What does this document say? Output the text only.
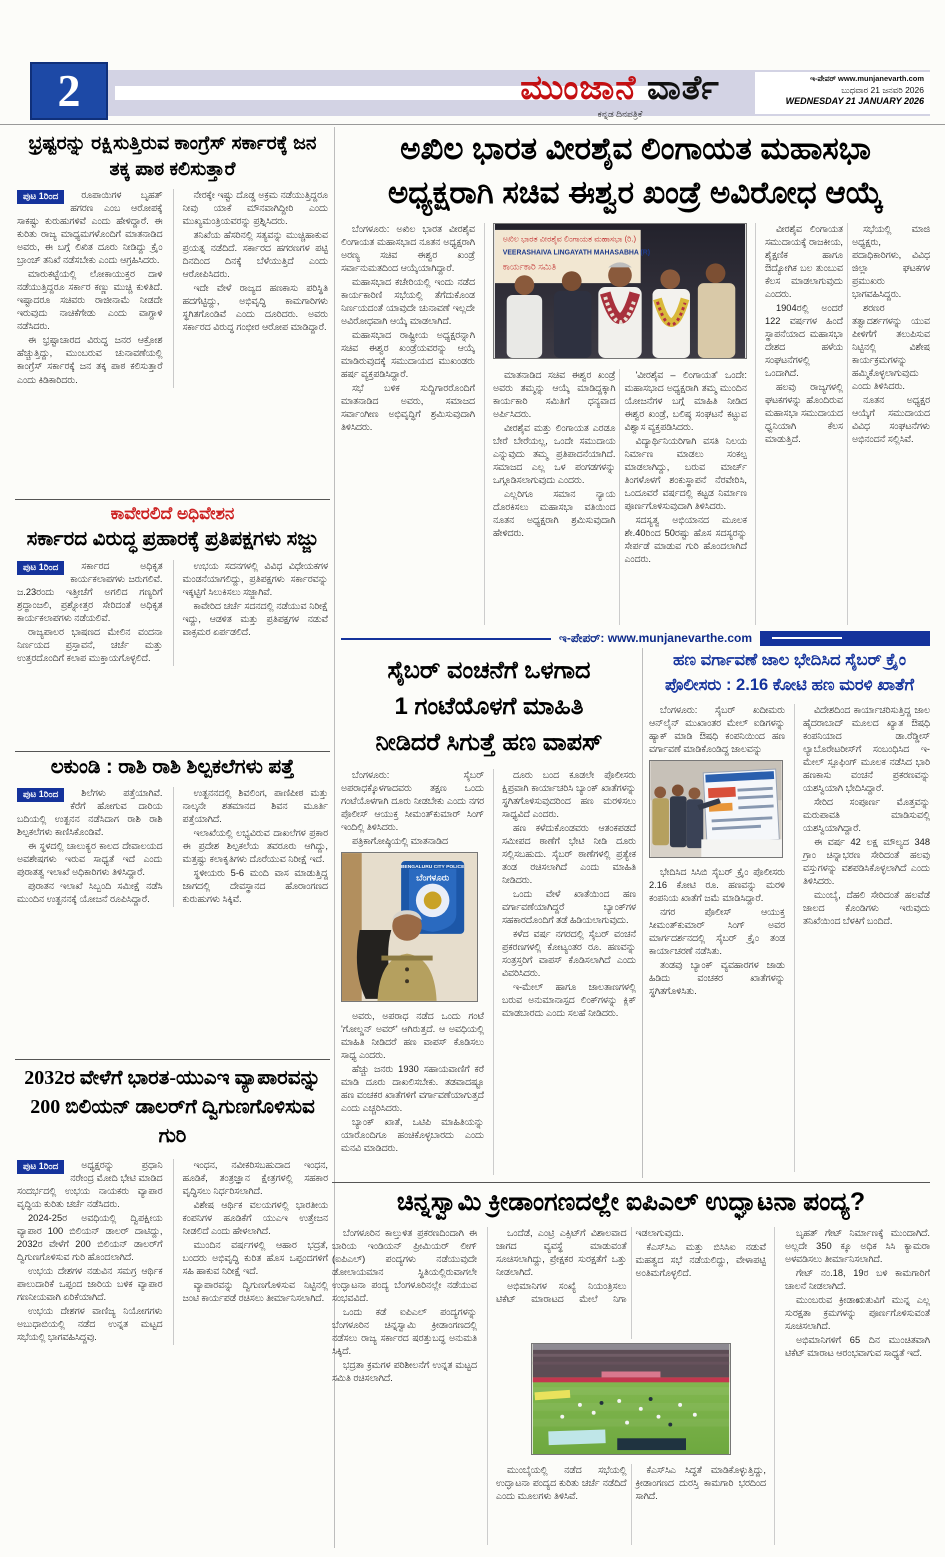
2	ಮುಂಜಾನೆ ವಾರ್ತೆ
ಕನ್ನಡ ದಿನಪತ್ರಿಕೆ
ಇ-ಪೇಪರ್ www.munjanevarth.com
ಬುಧವಾರ 21 ಜನವರಿ 2026
WEDNESDAY 21 JANUARY 2026
ಭ್ರಷ್ಟರನ್ನು ರಕ್ಷಿಸುತ್ತಿರುವ ಕಾಂಗ್ರೆಸ್ ಸರ್ಕಾರಕ್ಕೆ ಜನ ತಕ್ಕ ಪಾಠ ಕಲಿಸುತ್ತಾರೆ
ಪುಟ 1ರಿಂದ	ರೂಪಾಯಿಗಳ ಬೃಹತ್ ಹಗರಣ ಎಂಬ ಆರೋಪಕ್ಕೆ ಸಾಕಷ್ಟು ಕುರುಹುಗಳಿವೆ ಎಂದು ಹೇಳಿದ್ದಾರೆ. ಈ ಕುರಿತು ರಾಜ್ಯ ಮಾಧ್ಯಮಗಳೊಂದಿಗೆ ಮಾತನಾಡಿದ ಅವರು, ಈ ಬಗ್ಗೆ ಲಿಖಿತ ದೂರು ನೀಡಿದ್ದು ಕ್ರೈಂ ಬ್ರಾಂಚ್ ತನಿಖೆ ನಡೆಸಬೇಕು ಎಂದು ಆಗ್ರಹಿಸಿದರು.

ಮಾರುಕಟ್ಟೆಯಲ್ಲಿ ಲೋಕಾಯುಕ್ತರ ದಾಳಿ ನಡೆಯುತ್ತಿದ್ದರೂ ಸರ್ಕಾರ ಕಣ್ಣು ಮುಚ್ಚಿ ಕುಳಿತಿದೆ. ಇಷ್ಟಾದರೂ ಸಚಿವರು ರಾಜೀನಾಮೆ ನೀಡದೇ ಇರುವುದು ನಾಚಿಕೆಗೇಡು ಎಂದು ವಾಗ್ದಾಳಿ ನಡೆಸಿದರು.

ಈ ಭ್ರಷ್ಟಾಚಾರದ ವಿರುದ್ಧ ಜನರ ಆಕ್ರೋಶ ಹೆಚ್ಚುತ್ತಿದ್ದು, ಮುಂಬರುವ ಚುನಾವಣೆಯಲ್ಲಿ ಕಾಂಗ್ರೆಸ್ ಸರ್ಕಾರಕ್ಕೆ ಜನ ತಕ್ಕ ಪಾಠ ಕಲಿಸುತ್ತಾರೆ ಎಂದು ಕಿಡಿಕಾರಿದರು.

ನೇರಕ್ಕೇ ಇಷ್ಟು ದೊಡ್ಡ ಅಕ್ರಮ ನಡೆಯುತ್ತಿದ್ದರೂ ನೀವು ಯಾಕೆ ಮೌನವಾಗಿದ್ದೀರಿ ಎಂದು ಮುಖ್ಯಮಂತ್ರಿಯವರನ್ನು ಪ್ರಶ್ನಿಸಿದರು.

ತನಿಖೆಯ ಹೆಸರಿನಲ್ಲಿ ಸತ್ಯವನ್ನು ಮುಚ್ಚಿಹಾಕುವ ಪ್ರಯತ್ನ ನಡೆದಿದೆ. ಸರ್ಕಾರದ ಹಗರಣಗಳ ಪಟ್ಟಿ ದಿನದಿಂದ ದಿನಕ್ಕೆ ಬೆಳೆಯುತ್ತಿದೆ ಎಂದು ಆರೋಪಿಸಿದರು.

ಇದೇ ವೇಳೆ ರಾಜ್ಯದ ಹಣಕಾಸು ಪರಿಸ್ಥಿತಿ ಹದಗೆಟ್ಟಿದ್ದು, ಅಭಿವೃದ್ಧಿ ಕಾಮಗಾರಿಗಳು ಸ್ಥಗಿತಗೊಂಡಿವೆ ಎಂದು ದೂರಿದರು. ಅವರು ಸರ್ಕಾರದ ವಿರುದ್ಧ ಗಂಭೀರ ಆರೋಪ ಮಾಡಿದ್ದಾರೆ.

ಕಾವೇರಲಿದೆ ಅಧಿವೇಶನ
ಸರ್ಕಾರದ ವಿರುದ್ಧ ಪ್ರಹಾರಕ್ಕೆ ಪ್ರತಿಪಕ್ಷಗಳು ಸಜ್ಜು
ಪುಟ 1ರಿಂದ	ಸರ್ಕಾರದ ಅಧಿಕೃತ ಕಾರ್ಯಕಲಾಪಗಳು ಜರುಗಲಿವೆ. ಜ.23ರಂದು ಇತ್ತೀಚೆಗೆ ಅಗಲಿದ ಗಣ್ಯರಿಗೆ ಶ್ರದ್ಧಾಂಜಲಿ, ಪ್ರಶ್ನೋತ್ತರ ಸೇರಿದಂತೆ ಅಧಿಕೃತ ಕಾರ್ಯಕಲಾಪಗಳು ನಡೆಯಲಿವೆ.

ರಾಜ್ಯಪಾಲರ ಭಾಷಣದ ಮೇಲಿನ ವಂದನಾ ನಿರ್ಣಯದ ಪ್ರಸ್ತಾವನೆ, ಚರ್ಚೆ ಮತ್ತು ಉತ್ತರದೊಂದಿಗೆ ಕಲಾಪ ಮುಕ್ತಾಯಗೊಳ್ಳಲಿದೆ.

ಉಭಯ ಸದನಗಳಲ್ಲಿ ವಿವಿಧ ವಿಧೇಯಕಗಳ ಮಂಡನೆಯಾಗಲಿದ್ದು, ಪ್ರತಿಪಕ್ಷಗಳು ಸರ್ಕಾರವನ್ನು ಇಕ್ಕಟ್ಟಿಗೆ ಸಿಲುಕಿಸಲು ಸಜ್ಜಾಗಿವೆ.

ಕಾವೇರಿದ ಚರ್ಚೆ ಸದನದಲ್ಲಿ ನಡೆಯುವ ನಿರೀಕ್ಷೆ ಇದ್ದು, ಆಡಳಿತ ಮತ್ತು ಪ್ರತಿಪಕ್ಷಗಳ ನಡುವೆ ವಾಕ್ಸಮರ ಏರ್ಪಡಲಿದೆ.

ಲಕುಂಡಿ : ರಾಶಿ ರಾಶಿ ಶಿಲ್ಪಕಲೆಗಳು ಪತ್ತೆ
ಪುಟ 1ರಿಂದ	ಶಿಲೆಗಳು ಪತ್ತೆಯಾಗಿವೆ. ಕೆರೆಗೆ ಹೋಗುವ ದಾರಿಯ ಬದಿಯಲ್ಲಿ ಉತ್ಖನನ ನಡೆಸಿದಾಗ ರಾಶಿ ರಾಶಿ ಶಿಲ್ಪಕಲೆಗಳು ಕಾಣಿಸಿಕೊಂಡಿವೆ.

ಈ ಸ್ಥಳದಲ್ಲಿ ಚಾಲುಕ್ಯರ ಕಾಲದ ದೇವಾಲಯದ ಅವಶೇಷಗಳು ಇರುವ ಸಾಧ್ಯತೆ ಇದೆ ಎಂದು ಪುರಾತತ್ವ ಇಲಾಖೆ ಅಧಿಕಾರಿಗಳು ತಿಳಿಸಿದ್ದಾರೆ.

ಪುರಾತನ ಇಲಾಖೆ ಸಿಬ್ಬಂದಿ ಸಮೀಕ್ಷೆ ನಡೆಸಿ ಮುಂದಿನ ಉತ್ಖನನಕ್ಕೆ ಯೋಜನೆ ರೂಪಿಸಿದ್ದಾರೆ.

ಉತ್ಖನನದಲ್ಲಿ ಶಿವಲಿಂಗ, ಪಾಣಿಪೀಠ ಮತ್ತು ನಾಲ್ಕನೇ ಶತಮಾನದ ಶಿವನ ಮೂರ್ತಿ ಪತ್ತೆಯಾಗಿದೆ.

ಇಲಾಖೆಯಲ್ಲಿ ಲಭ್ಯವಿರುವ ದಾಖಲೆಗಳ ಪ್ರಕಾರ ಈ ಪ್ರದೇಶ ಶಿಲ್ಪಕಲೆಯ ತವರೂರು ಆಗಿದ್ದು, ಮತ್ತಷ್ಟು ಕಲಾಕೃತಿಗಳು ದೊರೆಯುವ ನಿರೀಕ್ಷೆ ಇದೆ.

ಸ್ಥಳೀಯರು 5-6 ಮಂದಿ ವಾಸ ಮಾಡುತ್ತಿದ್ದ ಜಾಗದಲ್ಲಿ ದೇವಸ್ಥಾನದ ಹೊರಾಂಗಣದ ಕುರುಹುಗಳು ಸಿಕ್ಕಿವೆ.

2032ರ ವೇಳೆಗೆ ಭಾರತ-ಯುಎಇ ವ್ಯಾಪಾರವನ್ನು 200 ಬಿಲಿಯನ್ ಡಾಲರ್‌ಗೆ ದ್ವಿಗುಣಗೊಳಿಸುವ ಗುರಿ
ಪುಟ 1ರಿಂದ	ಅಧ್ಯಕ್ಷರನ್ನು ಪ್ರಧಾನಿ ನರೇಂದ್ರ ಮೋದಿ ಭೇಟಿ ಮಾಡಿದ ಸಂದರ್ಭದಲ್ಲಿ ಉಭಯ ನಾಯಕರು ವ್ಯಾಪಾರ ವೃದ್ಧಿಯ ಕುರಿತು ಚರ್ಚೆ ನಡೆಸಿದರು.

2024-25ರ ಅವಧಿಯಲ್ಲಿ ದ್ವಿಪಕ್ಷೀಯ ವ್ಯಾಪಾರ 100 ಬಿಲಿಯನ್ ಡಾಲರ್ ದಾಟಿದ್ದು, 2032ರ ವೇಳೆಗೆ 200 ಬಿಲಿಯನ್ ಡಾಲರ್‌ಗೆ ದ್ವಿಗುಣಗೊಳಿಸುವ ಗುರಿ ಹೊಂದಲಾಗಿದೆ.

ಉಭಯ ದೇಶಗಳ ನಡುವಿನ ಸಮಗ್ರ ಆರ್ಥಿಕ ಪಾಲುದಾರಿಕೆ ಒಪ್ಪಂದ ಜಾರಿಯ ಬಳಿಕ ವ್ಯಾಪಾರ ಗಣನೀಯವಾಗಿ ಏರಿಕೆಯಾಗಿದೆ.

ಉಭಯ ದೇಶಗಳ ವಾಣಿಜ್ಯ ನಿಯೋಗಗಳು ಅಬುಧಾಬಿಯಲ್ಲಿ ನಡೆದ ಉನ್ನತ ಮಟ್ಟದ ಸಭೆಯಲ್ಲಿ ಭಾಗವಹಿಸಿದ್ದವು.

ಇಂಧನ, ನವೀಕರಿಸಬಹುದಾದ ಇಂಧನ, ಹೂಡಿಕೆ, ತಂತ್ರಜ್ಞಾನ ಕ್ಷೇತ್ರಗಳಲ್ಲಿ ಸಹಕಾರ ವೃದ್ಧಿಸಲು ನಿರ್ಧರಿಸಲಾಗಿದೆ.

ವಿಶೇಷ ಆರ್ಥಿಕ ವಲಯಗಳಲ್ಲಿ ಭಾರತೀಯ ಕಂಪನಿಗಳ ಹೂಡಿಕೆಗೆ ಯುಎಇ ಉತ್ತೇಜನ ನೀಡಲಿದೆ ಎಂದು ಹೇಳಲಾಗಿದೆ.

ಮುಂದಿನ ವರ್ಷಗಳಲ್ಲಿ ಆಹಾರ ಭದ್ರತೆ, ಬಂದರು ಅಭಿವೃದ್ಧಿ ಕುರಿತ ಹೊಸ ಒಪ್ಪಂದಗಳಿಗೆ ಸಹಿ ಹಾಕುವ ನಿರೀಕ್ಷೆ ಇದೆ.

ವ್ಯಾಪಾರವನ್ನು ದ್ವಿಗುಣಗೊಳಿಸುವ ನಿಟ್ಟಿನಲ್ಲಿ ಜಂಟಿ ಕಾರ್ಯಪಡೆ ರಚಿಸಲು ತೀರ್ಮಾನಿಸಲಾಗಿದೆ.

ಅಖಿಲ ಭಾರತ ವೀರಶೈವ ಲಿಂಗಾಯತ ಮಹಾಸಭಾ
ಅಧ್ಯಕ್ಷರಾಗಿ ಸಚಿವ ಈಶ್ವರ ಖಂಡ್ರೆ ಅವಿರೋಧ ಆಯ್ಕೆ

ಬೆಂಗಳೂರು: ಅಖಿಲ ಭಾರತ ವೀರಶೈವ ಲಿಂಗಾಯತ ಮಹಾಸಭಾದ ನೂತನ ಅಧ್ಯಕ್ಷರಾಗಿ ಅರಣ್ಯ ಸಚಿವ ಈಶ್ವರ ಖಂಡ್ರೆ ಸರ್ವಾನುಮತದಿಂದ ಆಯ್ಕೆಯಾಗಿದ್ದಾರೆ.

ಮಹಾಸಭಾದ ಕಚೇರಿಯಲ್ಲಿ ಇಂದು ನಡೆದ ಕಾರ್ಯಕಾರಿಣಿ ಸಭೆಯಲ್ಲಿ ತೆಗೆದುಕೊಂಡ ನಿರ್ಣಯದಂತೆ ಯಾವುದೇ ಚುನಾವಣೆ ಇಲ್ಲದೇ ಅವಿರೋಧವಾಗಿ ಆಯ್ಕೆ ಮಾಡಲಾಗಿದೆ.

ಮಹಾಸಭಾದ ರಾಷ್ಟ್ರೀಯ ಅಧ್ಯಕ್ಷರನ್ನಾಗಿ ಸಚಿವ ಈಶ್ವರ ಖಂಡ್ರೆಯವರನ್ನು ಆಯ್ಕೆ ಮಾಡಿರುವುದಕ್ಕೆ ಸಮುದಾಯದ ಮುಖಂಡರು ಹರ್ಷ ವ್ಯಕ್ತಪಡಿಸಿದ್ದಾರೆ.

ಸಭೆ ಬಳಿಕ ಸುದ್ದಿಗಾರರೊಂದಿಗೆ ಮಾತನಾಡಿದ ಅವರು, ಸಮಾಜದ ಸರ್ವಾಂಗೀಣ ಅಭಿವೃದ್ಧಿಗೆ ಶ್ರಮಿಸುವುದಾಗಿ ತಿಳಿಸಿದರು.

ಅಖಿಲ ಭಾರತ ವೀರಶೈವ ಲಿಂಗಾಯತ ಮಹಾಸಭಾ (ರಿ.)
VEERASHAIVA LINGAYATH MAHASABHA (R)
ಕಾರ್ಯಕಾರಿ ಸಮಿತಿ

ಮಾತನಾಡಿದ ಸಚಿವ ಈಶ್ವರ ಖಂಡ್ರೆ ಅವರು ತಮ್ಮನ್ನು ಆಯ್ಕೆ ಮಾಡಿದ್ದಕ್ಕಾಗಿ ಕಾರ್ಯಕಾರಿ ಸಮಿತಿಗೆ ಧನ್ಯವಾದ ಅರ್ಪಿಸಿದರು.

ವೀರಶೈವ ಮತ್ತು ಲಿಂಗಾಯತ ಎರಡೂ ಬೇರೆ ಬೇರೆಯಲ್ಲ, ಒಂದೇ ಸಮುದಾಯ ಎನ್ನುವುದು ತಮ್ಮ ಪ್ರತಿಪಾದನೆಯಾಗಿದೆ. ಸಮಾಜದ ಎಲ್ಲ ಒಳ ಪಂಗಡಗಳನ್ನು ಒಗ್ಗೂಡಿಸಲಾಗುವುದು ಎಂದರು.

ಎಲ್ಲರಿಗೂ ಸಮಾನ ನ್ಯಾಯ ದೊರಕಿಸಲು ಮಹಾಸಭಾ ವತಿಯಿಂದ ನೂತನ ಅಧ್ಯಕ್ಷರಾಗಿ ಶ್ರಮಿಸುವುದಾಗಿ ಹೇಳಿದರು.

'ವೀರಶೈವ – ಲಿಂಗಾಯತ' ಒಂದೇ: ಮಹಾಸಭಾದ ಅಧ್ಯಕ್ಷರಾಗಿ ತಮ್ಮ ಮುಂದಿನ ಯೋಜನೆಗಳ ಬಗ್ಗೆ ಮಾಹಿತಿ ನೀಡಿದ ಈಶ್ವರ ಖಂಡ್ರೆ, ಬಲಿಷ್ಠ ಸಂಘಟನೆ ಕಟ್ಟುವ ವಿಶ್ವಾಸ ವ್ಯಕ್ತಪಡಿಸಿದರು.

ವಿದ್ಯಾರ್ಥಿನಿಯರಿಗಾಗಿ ವಸತಿ ನಿಲಯ ನಿರ್ಮಾಣ ಮಾಡಲು ಸಂಕಲ್ಪ ಮಾಡಲಾಗಿದ್ದು, ಬರುವ ಮಾರ್ಚ್ ತಿಂಗಳೊಳಗೆ ಶಂಕುಸ್ಥಾಪನೆ ನೆರವೇರಿಸಿ, ಒಂದೂವರೆ ವರ್ಷದಲ್ಲಿ ಕಟ್ಟಡ ನಿರ್ಮಾಣ ಪೂರ್ಣಗೊಳಿಸುವುದಾಗಿ ತಿಳಿಸಿದರು.

ಸದಸ್ಯತ್ವ ಅಭಿಯಾನದ ಮೂಲಕ ಶೇ.40ರಿಂದ 50ರಷ್ಟು ಹೊಸ ಸದಸ್ಯರನ್ನು ಸೇರ್ಪಡೆ ಮಾಡುವ ಗುರಿ ಹೊಂದಲಾಗಿದೆ ಎಂದರು.

ವೀರಶೈವ ಲಿಂಗಾಯತ ಸಮುದಾಯಕ್ಕೆ ರಾಜಕೀಯ, ಶೈಕ್ಷಣಿಕ ಹಾಗೂ ಔದ್ಯೋಗಿಕ ಬಲ ತುಂಬುವ ಕೆಲಸ ಮಾಡಲಾಗುವುದು ಎಂದರು.

1904ರಲ್ಲಿ ಅಂದರೆ 122 ವರ್ಷಗಳ ಹಿಂದೆ ಸ್ಥಾಪನೆಯಾದ ಮಹಾಸಭಾ ದೇಶದ ಹಳೆಯ ಸಂಘಟನೆಗಳಲ್ಲಿ ಒಂದಾಗಿದೆ.

ಹಲವು ರಾಜ್ಯಗಳಲ್ಲಿ ಘಟಕಗಳನ್ನು ಹೊಂದಿರುವ ಮಹಾಸಭಾ ಸಮುದಾಯದ ಧ್ವನಿಯಾಗಿ ಕೆಲಸ ಮಾಡುತ್ತಿದೆ.

ಸಭೆಯಲ್ಲಿ ಮಾಜಿ ಅಧ್ಯಕ್ಷರು, ಪದಾಧಿಕಾರಿಗಳು, ವಿವಿಧ ಜಿಲ್ಲಾ ಘಟಕಗಳ ಪ್ರಮುಖರು ಭಾಗವಹಿಸಿದ್ದರು.

ಶರಣರ ತತ್ವಾದರ್ಶಗಳನ್ನು ಯುವ ಪೀಳಿಗೆಗೆ ತಲುಪಿಸುವ ನಿಟ್ಟಿನಲ್ಲಿ ವಿಶೇಷ ಕಾರ್ಯಕ್ರಮಗಳನ್ನು ಹಮ್ಮಿಕೊಳ್ಳಲಾಗುವುದು ಎಂದು ತಿಳಿಸಿದರು.

ನೂತನ ಅಧ್ಯಕ್ಷರ ಆಯ್ಕೆಗೆ ಸಮುದಾಯದ ವಿವಿಧ ಸಂಘಟನೆಗಳು ಅಭಿನಂದನೆ ಸಲ್ಲಿಸಿವೆ.

ಇ-ಪೇಪರ್: www.munjanevarthe.com
ಸೈಬರ್ ವಂಚನೆಗೆ ಒಳಗಾದ
1 ಗಂಟೆಯೊಳಗೆ ಮಾಹಿತಿ
ನೀಡಿದರೆ ಸಿಗುತ್ತೆ ಹಣ ವಾಪಸ್

ಬೆಂಗಳೂರು: ಸೈಬರ್ ಅಪರಾಧಕ್ಕೊಳಗಾದವರು ತಕ್ಷಣ ಒಂದು ಗಂಟೆಯೊಳಗಾಗಿ ದೂರು ನೀಡಬೇಕು ಎಂದು ನಗರ ಪೊಲೀಸ್ ಆಯುಕ್ತ ಸೀಮಂತ್‌ಕುಮಾರ್ ಸಿಂಗ್ ಇಂದಿಲ್ಲಿ ತಿಳಿಸಿದರು.

ಪತ್ರಿಕಾಗೋಷ್ಠಿಯಲ್ಲಿ ಮಾತನಾಡಿದ

BENGALURU CITY POLICE
ಬೆಂಗಳೂರು

ಅವರು, ಅಪರಾಧ ನಡೆದ ಒಂದು ಗಂಟೆ 'ಗೋಲ್ಡನ್ ಅವರ್' ಆಗಿರುತ್ತದೆ. ಆ ಅವಧಿಯಲ್ಲಿ ಮಾಹಿತಿ ನೀಡಿದರೆ ಹಣ ವಾಪಸ್ ಕೊಡಿಸಲು ಸಾಧ್ಯ ಎಂದರು.

ಹೆಚ್ಚು ಜನರು 1930 ಸಹಾಯವಾಣಿಗೆ ಕರೆ ಮಾಡಿ ದೂರು ದಾಖಲಿಸಬೇಕು. ತಡವಾದಷ್ಟೂ ಹಣ ವಂಚಕರ ಖಾತೆಗಳಿಗೆ ವರ್ಗಾವಣೆಯಾಗುತ್ತದೆ ಎಂದು ಎಚ್ಚರಿಸಿದರು.

ಬ್ಯಾಂಕ್ ಖಾತೆ, ಒಟಿಪಿ ಮಾಹಿತಿಯನ್ನು ಯಾರೊಂದಿಗೂ ಹಂಚಿಕೊಳ್ಳಬಾರದು ಎಂದು ಮನವಿ ಮಾಡಿದರು.

ದೂರು ಬಂದ ಕೂಡಲೇ ಪೊಲೀಸರು ಕ್ಷಿಪ್ರವಾಗಿ ಕಾರ್ಯಾಚರಿಸಿ ಬ್ಯಾಂಕ್ ಖಾತೆಗಳನ್ನು ಸ್ಥಗಿತಗೊಳಿಸುವುದರಿಂದ ಹಣ ಮರಳಿಸಲು ಸಾಧ್ಯವಿದೆ ಎಂದರು.

ಹಣ ಕಳೆದುಕೊಂಡವರು ಆತಂಕಪಡದೆ ಸಮೀಪದ ಠಾಣೆಗೆ ಭೇಟಿ ನೀಡಿ ದೂರು ಸಲ್ಲಿಸಬಹುದು. ಸೈಬರ್ ಠಾಣೆಗಳಲ್ಲಿ ಪ್ರತ್ಯೇಕ ತಂಡ ರಚಿಸಲಾಗಿದೆ ಎಂದು ಮಾಹಿತಿ ನೀಡಿದರು.

ಒಂದು ವೇಳೆ ಖಾತೆಯಿಂದ ಹಣ ವರ್ಗಾವಣೆಯಾಗಿದ್ದರೆ ಬ್ಯಾಂಕ್‌ಗಳ ಸಹಕಾರದೊಂದಿಗೆ ತಡೆ ಹಿಡಿಯಲಾಗುವುದು.

ಕಳೆದ ವರ್ಷ ನಗರದಲ್ಲಿ ಸೈಬರ್ ವಂಚನೆ ಪ್ರಕರಣಗಳಲ್ಲಿ ಕೋಟ್ಯಂತರ ರೂ. ಹಣವನ್ನು ಸಂತ್ರಸ್ತರಿಗೆ ವಾಪಸ್ ಕೊಡಿಸಲಾಗಿದೆ ಎಂದು ವಿವರಿಸಿದರು.

ಇ-ಮೇಲ್ ಹಾಗೂ ಜಾಲತಾಣಗಳಲ್ಲಿ ಬರುವ ಅನುಮಾನಾಸ್ಪದ ಲಿಂಕ್‌ಗಳನ್ನು ಕ್ಲಿಕ್ ಮಾಡಬಾರದು ಎಂದು ಸಲಹೆ ನೀಡಿದರು.

ಹಣ ವರ್ಗಾವಣೆ ಜಾಲ ಭೇದಿಸಿದ ಸೈಬರ್ ಕ್ರೈಂ ಪೊಲೀಸರು : 2.16 ಕೋಟಿ ಹಣ ಮರಳಿ ಖಾತೆಗೆ

ಬೆಂಗಳೂರು: ಸೈಬರ್ ಖದೀಮರು ಆನ್‌ಲೈನ್ ಮುಖಾಂತರ ಮೇಲ್ ಐಡಿಗಳನ್ನು ಹ್ಯಾಕ್ ಮಾಡಿ ಔಷಧಿ ಕಂಪನಿಯಿಂದ ಹಣ ವರ್ಗಾವಣೆ ಮಾಡಿಕೊಂಡಿದ್ದ ಜಾಲವನ್ನು

ಭೇದಿಸಿದ ಸಿಸಿಬಿ ಸೈಬರ್ ಕ್ರೈಂ ಪೊಲೀಸರು 2.16 ಕೋಟಿ ರೂ. ಹಣವನ್ನು ಮರಳಿ ಕಂಪನಿಯ ಖಾತೆಗೆ ಜಮೆ ಮಾಡಿಸಿದ್ದಾರೆ.

ನಗರ ಪೊಲೀಸ್ ಆಯುಕ್ತ ಸೀಮಂತ್‌ಕುಮಾರ್ ಸಿಂಗ್ ಅವರ ಮಾರ್ಗದರ್ಶನದಲ್ಲಿ ಸೈಬರ್ ಕ್ರೈಂ ತಂಡ ಕಾರ್ಯಾಚರಣೆ ನಡೆಸಿತು.

ತಂಡವು ಬ್ಯಾಂಕ್ ವ್ಯವಹಾರಗಳ ಜಾಡು ಹಿಡಿದು ವಂಚಕರ ಖಾತೆಗಳನ್ನು ಸ್ಥಗಿತಗೊಳಿಸಿತು.

ವಿದೇಶದಿಂದ ಕಾರ್ಯಾಚರಿಸುತ್ತಿದ್ದ ಜಾಲ ಹೈದರಾಬಾದ್ ಮೂಲದ ಖ್ಯಾತ ಔಷಧಿ ಕಂಪನಿಯಾದ ಡಾ.ರೆಡ್ಡೀಸ್ ಲ್ಯಾಬೊರೇಟರೀಸ್‌ಗೆ ಸಂಬಂಧಿಸಿದ ಇ-ಮೇಲ್ ಸ್ಪೂಫಿಂಗ್ ಮೂಲಕ ನಡೆಸಿದ ಭಾರಿ ಹಣಕಾಸು ವಂಚನೆ ಪ್ರಕರಣವನ್ನು ಯಶಸ್ವಿಯಾಗಿ ಭೇದಿಸಿದ್ದಾರೆ.

ಸೇರಿದ ಸಂಪೂರ್ಣ ಮೊತ್ತವನ್ನು ಮರುಪಾವತಿ ಮಾಡಿಸುವಲ್ಲಿ ಯಶಸ್ವಿಯಾಗಿದ್ದಾರೆ.

ಈ ವರ್ಷ 42 ಲಕ್ಷ ಮೌಲ್ಯದ 348 ಗ್ರಾಂ ಚಿನ್ನಾಭರಣ ಸೇರಿದಂತೆ ಹಲವು ವಸ್ತುಗಳನ್ನು ವಶಪಡಿಸಿಕೊಳ್ಳಲಾಗಿದೆ ಎಂದು ತಿಳಿಸಿದರು.

ಮುಂಬೈ, ದೆಹಲಿ ಸೇರಿದಂತೆ ಹಲವೆಡೆ ಜಾಲದ ಕೊಂಡಿಗಳು ಇರುವುದು ತನಿಖೆಯಿಂದ ಬೆಳಕಿಗೆ ಬಂದಿದೆ.

ಚಿನ್ನಸ್ವಾಮಿ ಕ್ರೀಡಾಂಗಣದಲ್ಲೇ ಐಪಿಎಲ್ ಉದ್ಘಾಟನಾ ಪಂದ್ಯ?

ಬೆಂಗಳೂರಿನ ಕಾಲ್ತುಳಿತ ಪ್ರಕರಣದಿಂದಾಗಿ ಈ ಬಾರಿಯ ಇಂಡಿಯನ್ ಪ್ರೀಮಿಯರ್ ಲೀಗ್ (ಐಪಿಎಲ್) ಪಂದ್ಯಗಳು ನಡೆಯುವುದೇ ಡೋಲಾಯಮಾನ ಸ್ಥಿತಿಯಲ್ಲಿರುವಾಗಲೇ ಉದ್ಘಾಟನಾ ಪಂದ್ಯ ಬೆಂಗಳೂರಿನಲ್ಲೇ ನಡೆಯುವ ಸಂಭವವಿದೆ.

ಒಂದು ಕಡೆ ಐಪಿಎಲ್ ಪಂದ್ಯಗಳನ್ನು ಬೆಂಗಳೂರಿನ ಚಿನ್ನಸ್ವಾಮಿ ಕ್ರೀಡಾಂಗಣದಲ್ಲಿ ನಡೆಸಲು ರಾಜ್ಯ ಸರ್ಕಾರದ ಷರತ್ತುಬದ್ಧ ಅನುಮತಿ ಸಿಕ್ಕಿದೆ.

ಭದ್ರತಾ ಕ್ರಮಗಳ ಪರಿಶೀಲನೆಗೆ ಉನ್ನತ ಮಟ್ಟದ ಸಮಿತಿ ರಚಿಸಲಾಗಿದೆ.

ಒಂದೆಡೆ, ಎಂಟ್ರಿ ಎಕ್ಸಿಟ್‌ಗೆ ವಿಶಾಲವಾದ ಜಾಗದ ವ್ಯವಸ್ಥೆ ಮಾಡುವಂತೆ ಸೂಚಿಸಲಾಗಿದ್ದು, ಪ್ರೇಕ್ಷಕರ ಸುರಕ್ಷತೆಗೆ ಒತ್ತು ನೀಡಲಾಗಿದೆ.

ಅಭಿಮಾನಿಗಳ ಸಂಖ್ಯೆ ನಿಯಂತ್ರಿಸಲು ಟಿಕೆಟ್ ಮಾರಾಟದ ಮೇಲೆ ನಿಗಾ ಇಡಲಾಗುವುದು.

ಕೆಎಸ್‌ಸಿಎ ಮತ್ತು ಬಿಸಿಸಿಐ ನಡುವೆ ಮಹತ್ವದ ಸಭೆ ನಡೆಯಲಿದ್ದು, ವೇಳಾಪಟ್ಟಿ ಅಂತಿಮಗೊಳ್ಳಲಿದೆ.

ಮುಂಬೈಯಲ್ಲಿ ನಡೆದ ಸಭೆಯಲ್ಲಿ ಉದ್ಘಾಟನಾ ಪಂದ್ಯದ ಕುರಿತು ಚರ್ಚೆ ನಡೆದಿದೆ ಎಂದು ಮೂಲಗಳು ತಿಳಿಸಿವೆ.

ಕೆಎಸ್‌ಸಿಎ ಸಿದ್ಧತೆ ಮಾಡಿಕೊಳ್ಳುತ್ತಿದ್ದು, ಕ್ರೀಡಾಂಗಣದ ದುರಸ್ತಿ ಕಾಮಗಾರಿ ಭರದಿಂದ ಸಾಗಿದೆ.

ಬೃಹತ್ ಗೇಟ್ ನಿರ್ಮಾಣಕ್ಕೆ ಮುಂದಾಗಿದೆ. ಅಲ್ಲದೇ 350 ಕ್ಕೂ ಅಧಿಕ ಸಿಸಿ ಕ್ಯಾಮರಾ ಅಳವಡಿಸಲು ತೀರ್ಮಾನಿಸಲಾಗಿದೆ.

ಗೇಟ್ ನಂ.18, 19ರ ಬಳಿ ಕಾಮಗಾರಿಗೆ ಚಾಲನೆ ನೀಡಲಾಗಿದೆ.

ಮುಂಬರುವ ಕ್ರೀಡಾಋತುವಿಗೆ ಮುನ್ನ ಎಲ್ಲ ಸುರಕ್ಷತಾ ಕ್ರಮಗಳನ್ನು ಪೂರ್ಣಗೊಳಿಸುವಂತೆ ಸೂಚಿಸಲಾಗಿದೆ.

ಅಭಿಮಾನಿಗಳಿಗೆ 65 ದಿನ ಮುಂಚಿತವಾಗಿ ಟಿಕೆಟ್ ಮಾರಾಟ ಆರಂಭವಾಗುವ ಸಾಧ್ಯತೆ ಇದೆ.
